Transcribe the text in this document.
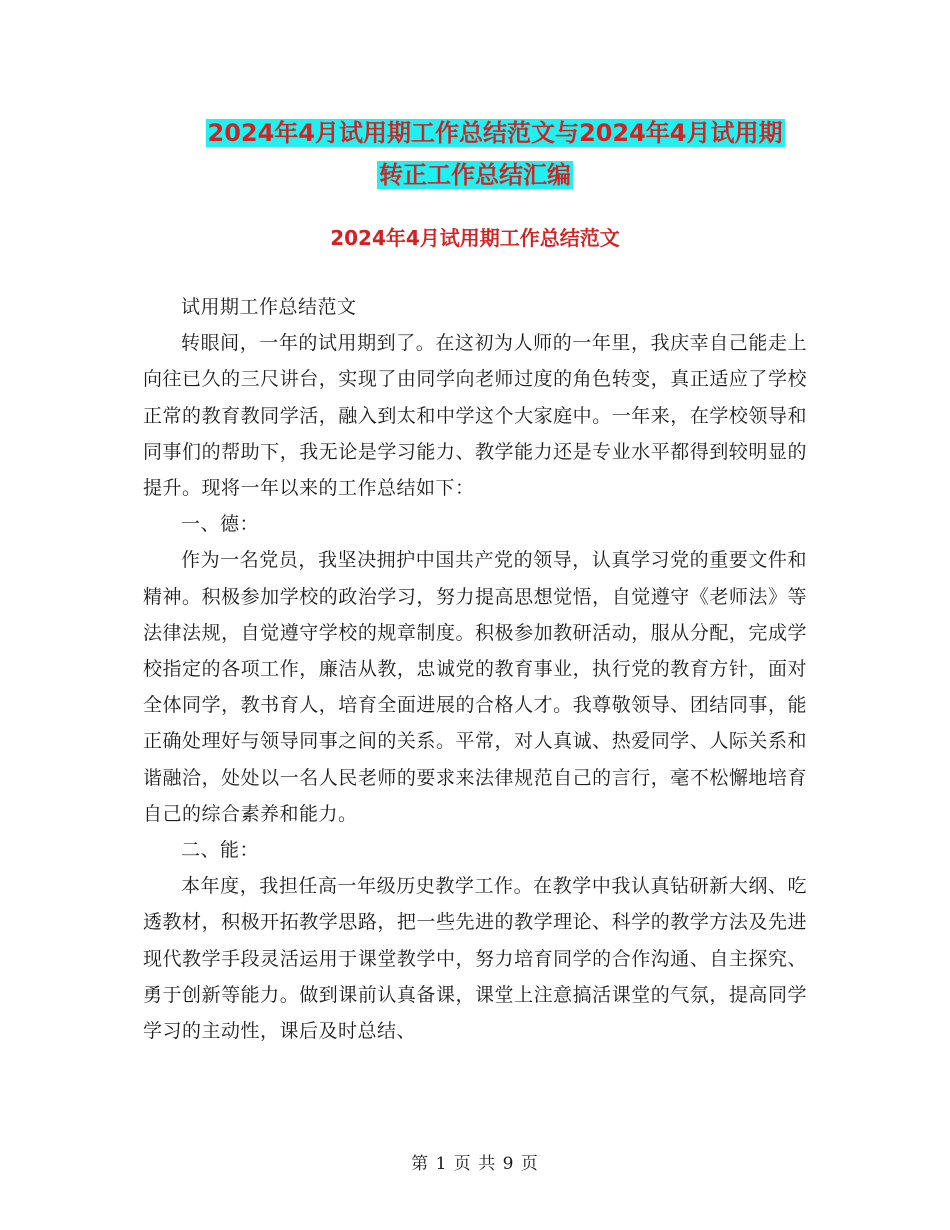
2024年4月试用期工作总结范文与2024年4月试用期
转正工作总结汇编
2024年4月试用期工作总结范文

试用期工作总结范文

转眼间，一年的试用期到了。在这初为人师的一年里，我庆幸自己能走上向往已久的三尺讲台，实现了由同学向老师过度的角色转变，真正适应了学校正常的教育教同学活，融入到太和中学这个大家庭中。一年来，在学校领导和同事们的帮助下，我无论是学习能力、教学能力还是专业水平都得到较明显的提升。现将一年以来的工作总结如下：

一、德：

作为一名党员，我坚决拥护中国共产党的领导，认真学习党的重要文件和精神。积极参加学校的政治学习，努力提高思想觉悟，自觉遵守《老师法》等法律法规，自觉遵守学校的规章制度。积极参加教研活动，服从分配，完成学校指定的各项工作，廉洁从教，忠诚党的教育事业，执行党的教育方针，面对全体同学，教书育人，培育全面进展的合格人才。我尊敬领导、团结同事，能正确处理好与领导同事之间的关系。平常，对人真诚、热爱同学、人际关系和谐融洽，处处以一名人民老师的要求来法律规范自己的言行，毫不松懈地培育自己的综合素养和能力。

二、能：

本年度，我担任高一年级历史教学工作。在教学中我认真钻研新大纲、吃透教材，积极开拓教学思路，把一些先进的教学理论、科学的教学方法及先进现代教学手段灵活运用于课堂教学中，努力培育同学的合作沟通、自主探究、勇于创新等能力。做到课前认真备课，课堂上注意搞活课堂的气氛，提高同学学习的主动性，课后及时总结、

第 1 页 共 9 页
